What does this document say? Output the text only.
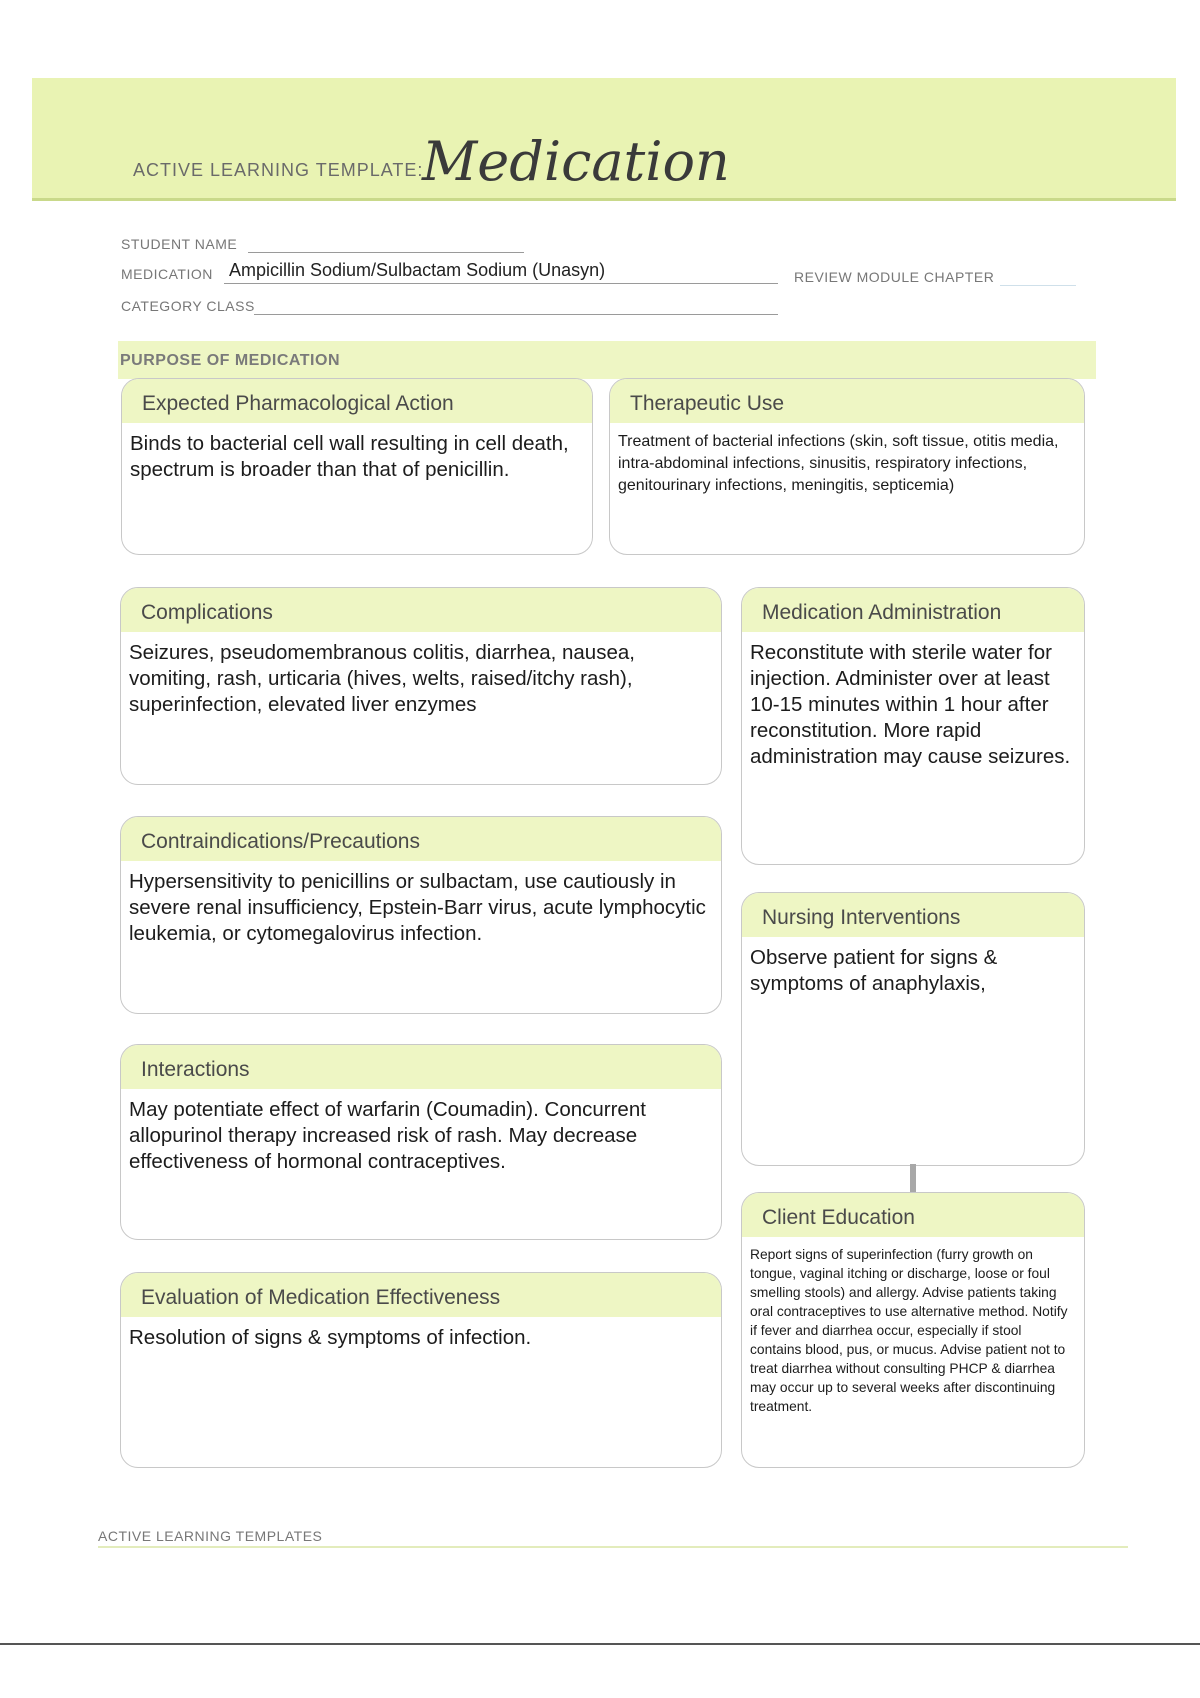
ACTIVE LEARNING TEMPLATE:
Medication
STUDENT NAME
MEDICATION Ampicillin Sodium/Sulbactam Sodium (Unasyn)	REVIEW MODULE CHAPTER
CATEGORY CLASS
PURPOSE OF MEDICATION
Expected Pharmacological Action
Binds to bacterial cell wall resulting in cell death, spectrum is broader than that of penicillin.
Therapeutic Use
Treatment of bacterial infections (skin, soft tissue, otitis media, intra-abdominal infections, sinusitis, respiratory infections, genitourinary infections, meningitis, septicemia)
Complications
Seizures, pseudomembranous colitis, diarrhea, nausea, vomiting, rash, urticaria (hives, welts, raised/itchy rash), superinfection, elevated liver enzymes
Medication Administration
Reconstitute with sterile water for injection. Administer over at least 10-15 minutes within 1 hour after reconstitution. More rapid administration may cause seizures.
Contraindications/Precautions
Hypersensitivity to penicillins or sulbactam, use cautiously in severe renal insufficiency, Epstein-Barr virus, acute lymphocytic leukemia, or cytomegalovirus infection.
Nursing Interventions
Observe patient for signs & symptoms of anaphylaxis,
Interactions
May potentiate effect of warfarin (Coumadin). Concurrent allopurinol therapy increased risk of rash. May decrease effectiveness of hormonal contraceptives.
Client Education
Report signs of superinfection (furry growth on tongue, vaginal itching or discharge, loose or foul smelling stools) and allergy. Advise patients taking oral contraceptives to use alternative method. Notify if fever and diarrhea occur, especially if stool contains blood, pus, or mucus. Advise patient not to treat diarrhea without consulting PHCP & diarrhea may occur up to several weeks after discontinuing treatment.
Evaluation of Medication Effectiveness
Resolution of signs & symptoms of infection.
ACTIVE LEARNING TEMPLATES
